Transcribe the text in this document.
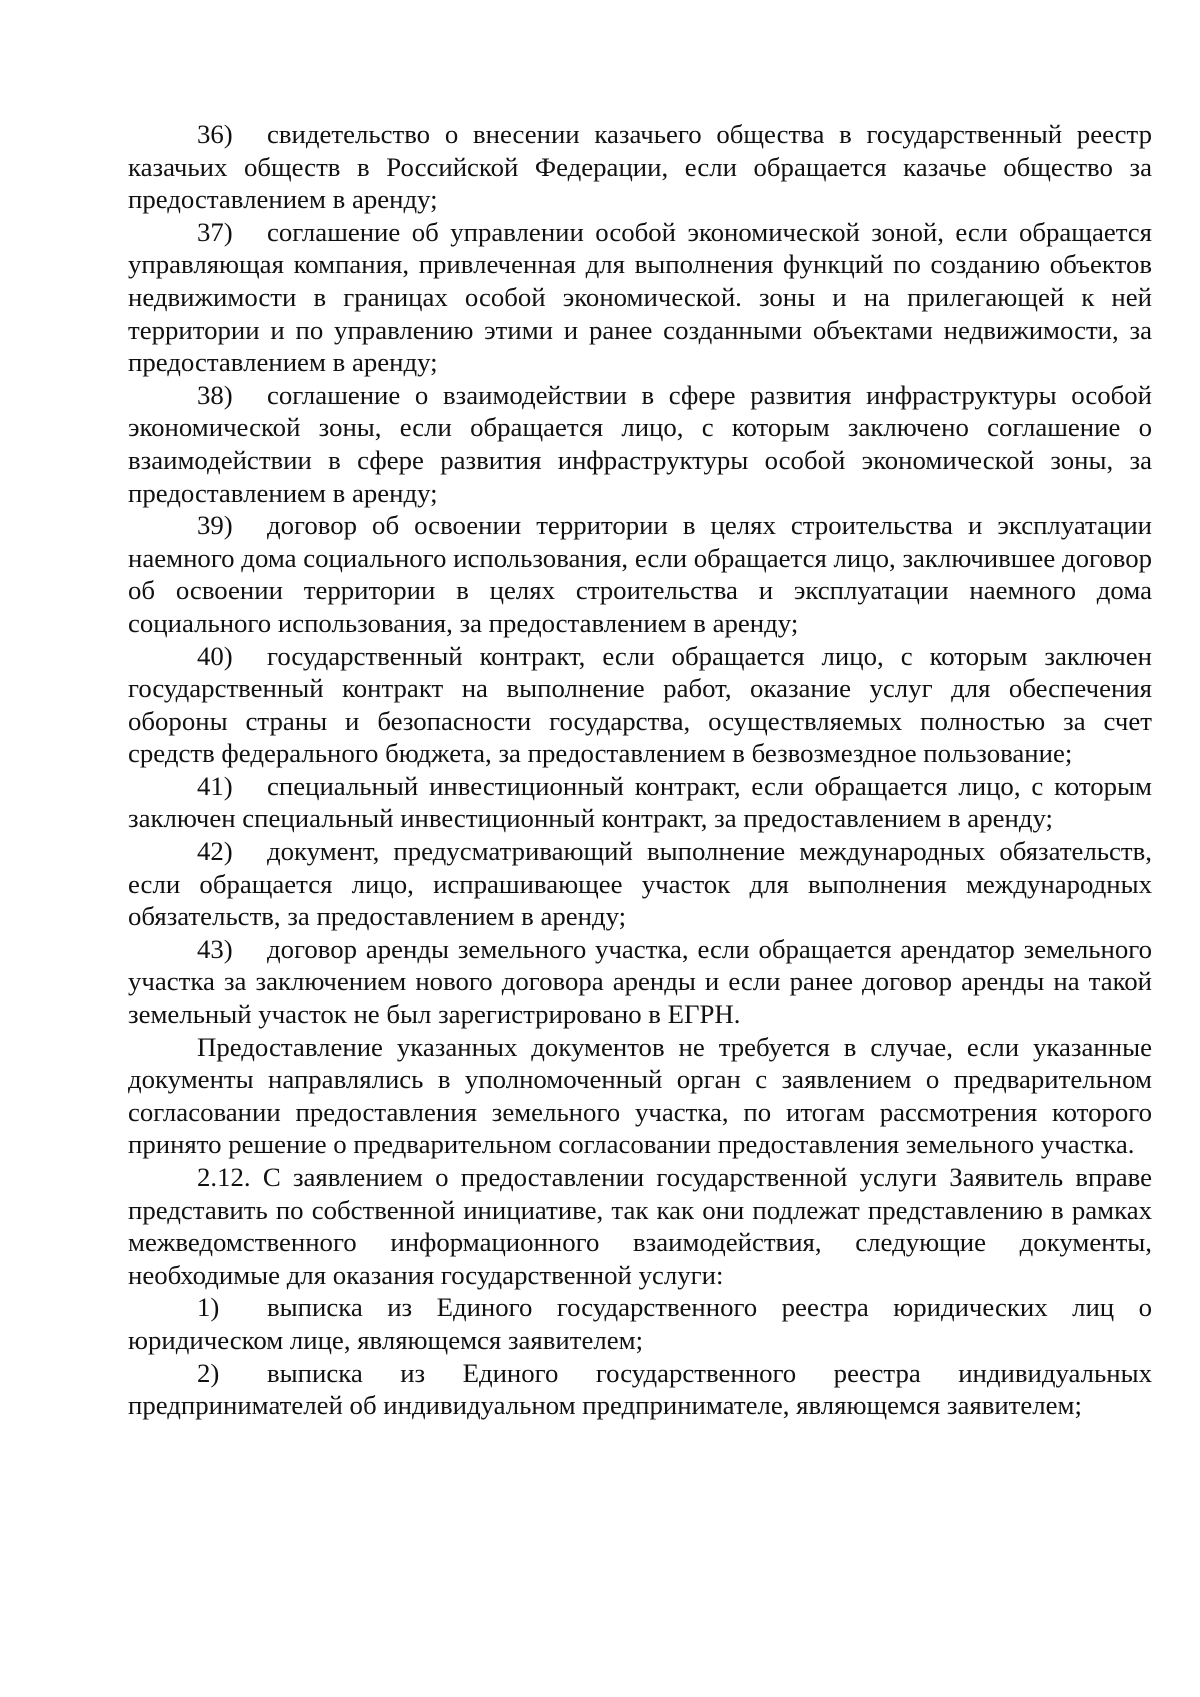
36) свидетельство о внесении казачьего общества в государственный реестр казачьих обществ в Российской Федерации, если обращается казачье общество за предоставлением в аренду;

37) соглашение об управлении особой экономической зоной, если обращается управляющая компания, привлеченная для выполнения функций по созданию объектов недвижимости в границах особой экономической. зоны и на прилегающей к ней территории и по управлению этими и ранее созданными объектами недвижимости, за предоставлением в аренду;

38) соглашение о взаимодействии в сфере развития инфраструктуры особой экономической зоны, если обращается лицо, с которым заключено соглашение о взаимодействии в сфере развития инфраструктуры особой экономической зоны, за предоставлением в аренду;

39) договор об освоении территории в целях строительства и эксплуатации наемного дома социального использования, если обращается лицо, заключившее договор об освоении территории в целях строительства и эксплуатации наемного дома социального использования, за предоставлением в аренду;

40) государственный контракт, если обращается лицо, с которым заключен государственный контракт на выполнение работ, оказание услуг для обеспечения обороны страны и безопасности государства, осуществляемых полностью за счет средств федерального бюджета, за предоставлением в безвозмездное пользование;

41) специальный инвестиционный контракт, если обращается лицо, с которым заключен специальный инвестиционный контракт, за предоставлением в аренду;

42) документ, предусматривающий выполнение международных обязательств, если обращается лицо, испрашивающее участок для выполнения международных обязательств, за предоставлением в аренду;

43) договор аренды земельного участка, если обращается арендатор земельного участка за заключением нового договора аренды и если ранее договор аренды на такой земельный участок не был зарегистрировано в ЕГРН.

Предоставление указанных документов не требуется в случае, если указанные документы направлялись в уполномоченный орган с заявлением о предварительном согласовании предоставления земельного участка, по итогам рассмотрения которого принято решение о предварительном согласовании предоставления земельного участка.

2.12. С заявлением о предоставлении государственной услуги Заявитель вправе представить по собственной инициативе, так как они подлежат представлению в рамках межведомственного информационного взаимодействия, следующие документы, необходимые для оказания государственной услуги:

1) выписка из Единого государственного реестра юридических лиц о юридическом лице, являющемся заявителем;

2) выписка из Единого государственного реестра индивидуальных предпринимателей об индивидуальном предпринимателе, являющемся заявителем;
